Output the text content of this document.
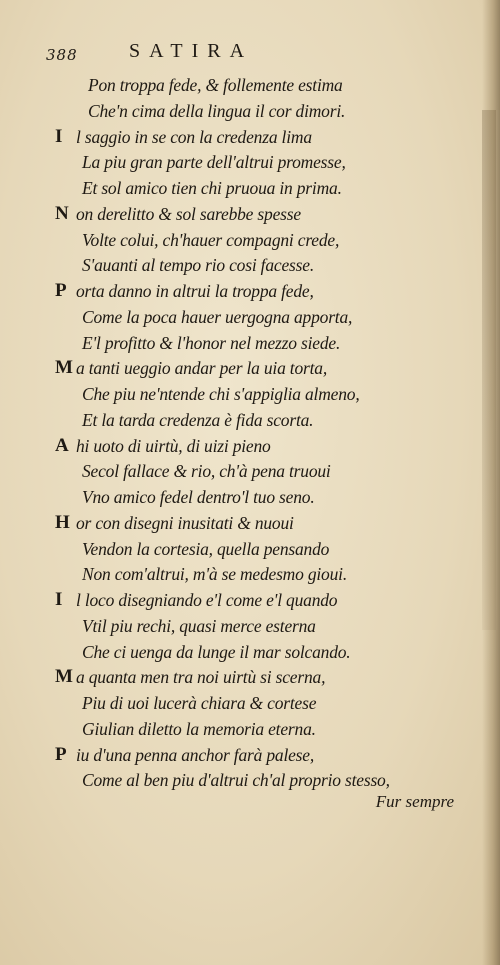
388	SATIRA

Pon troppa fede, & follemente estima

Che'n cima della lingua il cor dimori.

I l saggio in se con la credenza lima

La piu gran parte dell'altrui promesse,

Et sol amico tien chi pruoua in prima.

N on derelitto & sol sarebbe spesse

Volte colui, ch'hauer compagni crede,

S'auanti al tempo rio cosi facesse.

P orta danno in altrui la troppa fede,

Come la poca hauer uergogna apporta,

E'l profitto & l'honor nel mezzo siede.

M a tanti ueggio andar per la uia torta,

Che piu ne'ntende chi s'appiglia almeno,

Et la tarda credenza è fida scorta.

A hi uoto di uirtù, di uizi pieno

Secol fallace & rio, ch'à pena truoui

Vno amico fedel dentro'l tuo seno.

H or con disegni inusitati & nuoui

Vendon la cortesia, quella pensando

Non com'altrui, m'à se medesmo gioui.

I l loco disegniando e'l come e'l quando

Vtil piu rechi, quasi merce esterna

Che ci uenga da lunge il mar solcando.

M a quanta men tra noi uirtù si scerna,

Piu di uoi lucerà chiara & cortese

Giulian diletto la memoria eterna.

P iu d'una penna anchor farà palese,

Come al ben piu d'altrui ch'al proprio stesso,

Fur sempre
